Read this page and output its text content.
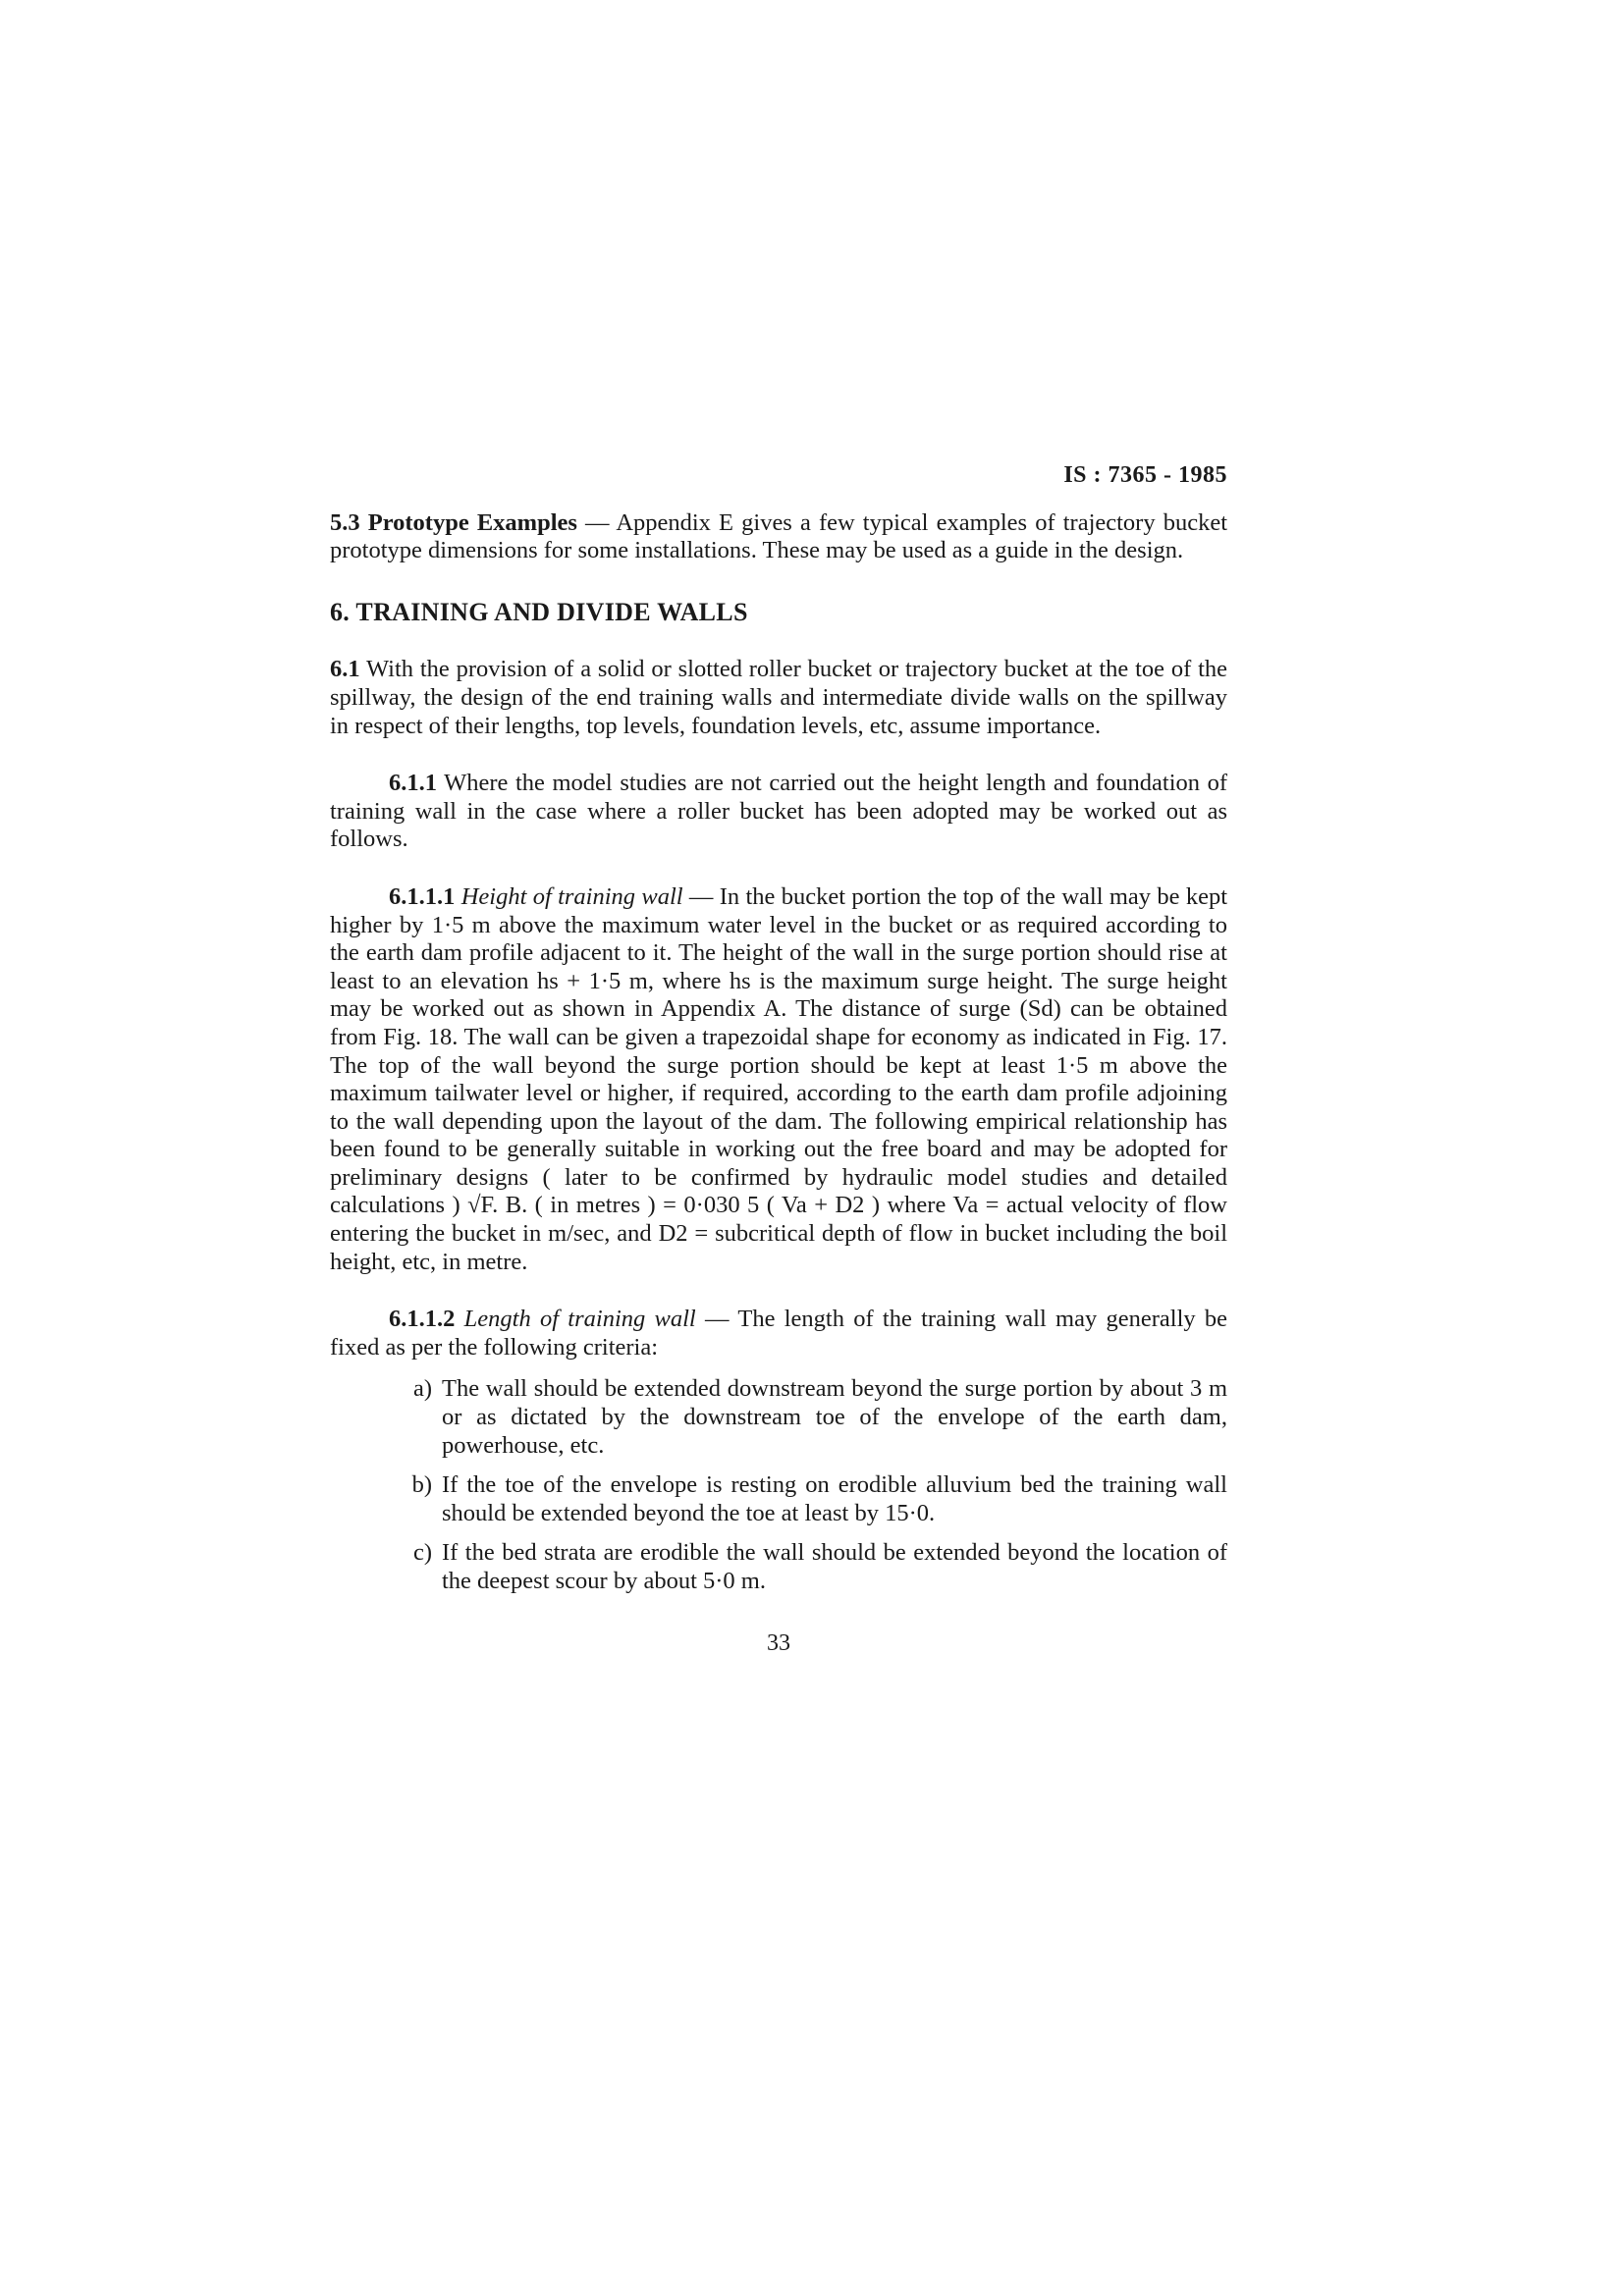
IS : 7365 - 1985

5.3 Prototype Examples — Appendix E gives a few typical examples of trajectory bucket prototype dimensions for some installations. These may be used as a guide in the design.

6. TRAINING AND DIVIDE WALLS

6.1 With the provision of a solid or slotted roller bucket or trajectory bucket at the toe of the spillway, the design of the end training walls and intermediate divide walls on the spillway in respect of their lengths, top levels, foundation levels, etc, assume importance.

6.1.1 Where the model studies are not carried out the height length and foundation of training wall in the case where a roller bucket has been adopted may be worked out as follows.

6.1.1.1 Height of training wall — In the bucket portion the top of the wall may be kept higher by 1·5 m above the maximum water level in the bucket or as required according to the earth dam profile adjacent to it. The height of the wall in the surge portion should rise at least to an elevation hs + 1·5 m, where hs is the maximum surge height. The surge height may be worked out as shown in Appendix A. The distance of surge (Sd) can be obtained from Fig. 18. The wall can be given a trapezoidal shape for economy as indicated in Fig. 17. The top of the wall beyond the surge portion should be kept at least 1·5 m above the maximum tailwater level or higher, if required, according to the earth dam profile adjoining to the wall depending upon the layout of the dam. The following empirical relationship has been found to be generally suitable in working out the free board and may be adopted for preliminary designs ( later to be confirmed by hydraulic model studies and detailed calculations ) √F. B. ( in metres ) = 0·030 5 ( Va + D2 ) where Va = actual velocity of flow entering the bucket in m/sec, and D2 = subcritical depth of flow in bucket including the boil height, etc, in metre.

6.1.1.2 Length of training wall — The length of the training wall may generally be fixed as per the following criteria:

a) The wall should be extended downstream beyond the surge portion by about 3 m or as dictated by the downstream toe of the envelope of the earth dam, powerhouse, etc.
b) If the toe of the envelope is resting on erodible alluvium bed the training wall should be extended beyond the toe at least by 15·0.
c) If the bed strata are erodible the wall should be extended beyond the location of the deepest scour by about 5·0 m.
33
